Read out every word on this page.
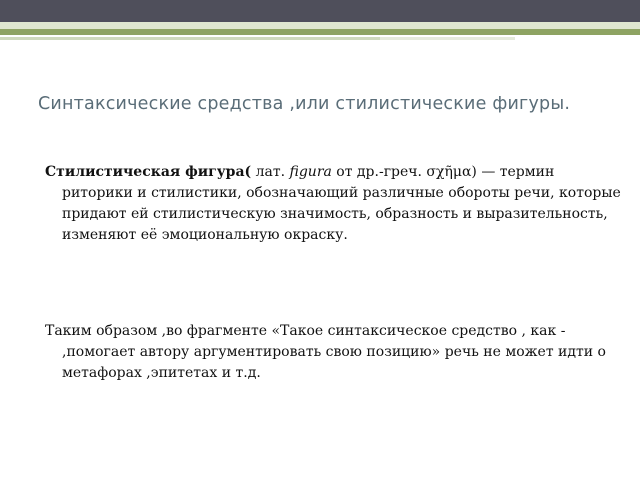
Синтаксические средства ,или стилистические фигуры.

Стилистическая фигура( лат. figura от др.-греч. σχῆμα) — термин риторики и стилистики, обозначающий различные обороты речи, которые придают ей стилистическую значимость, образность и выразительность, изменяют её эмоциональную окраску.

Таким образом ,во фрагменте «Такое синтаксическое средство , как - ,помогает автору аргументировать свою позицию» речь не может идти о метафорах ,эпитетах и т.д.
